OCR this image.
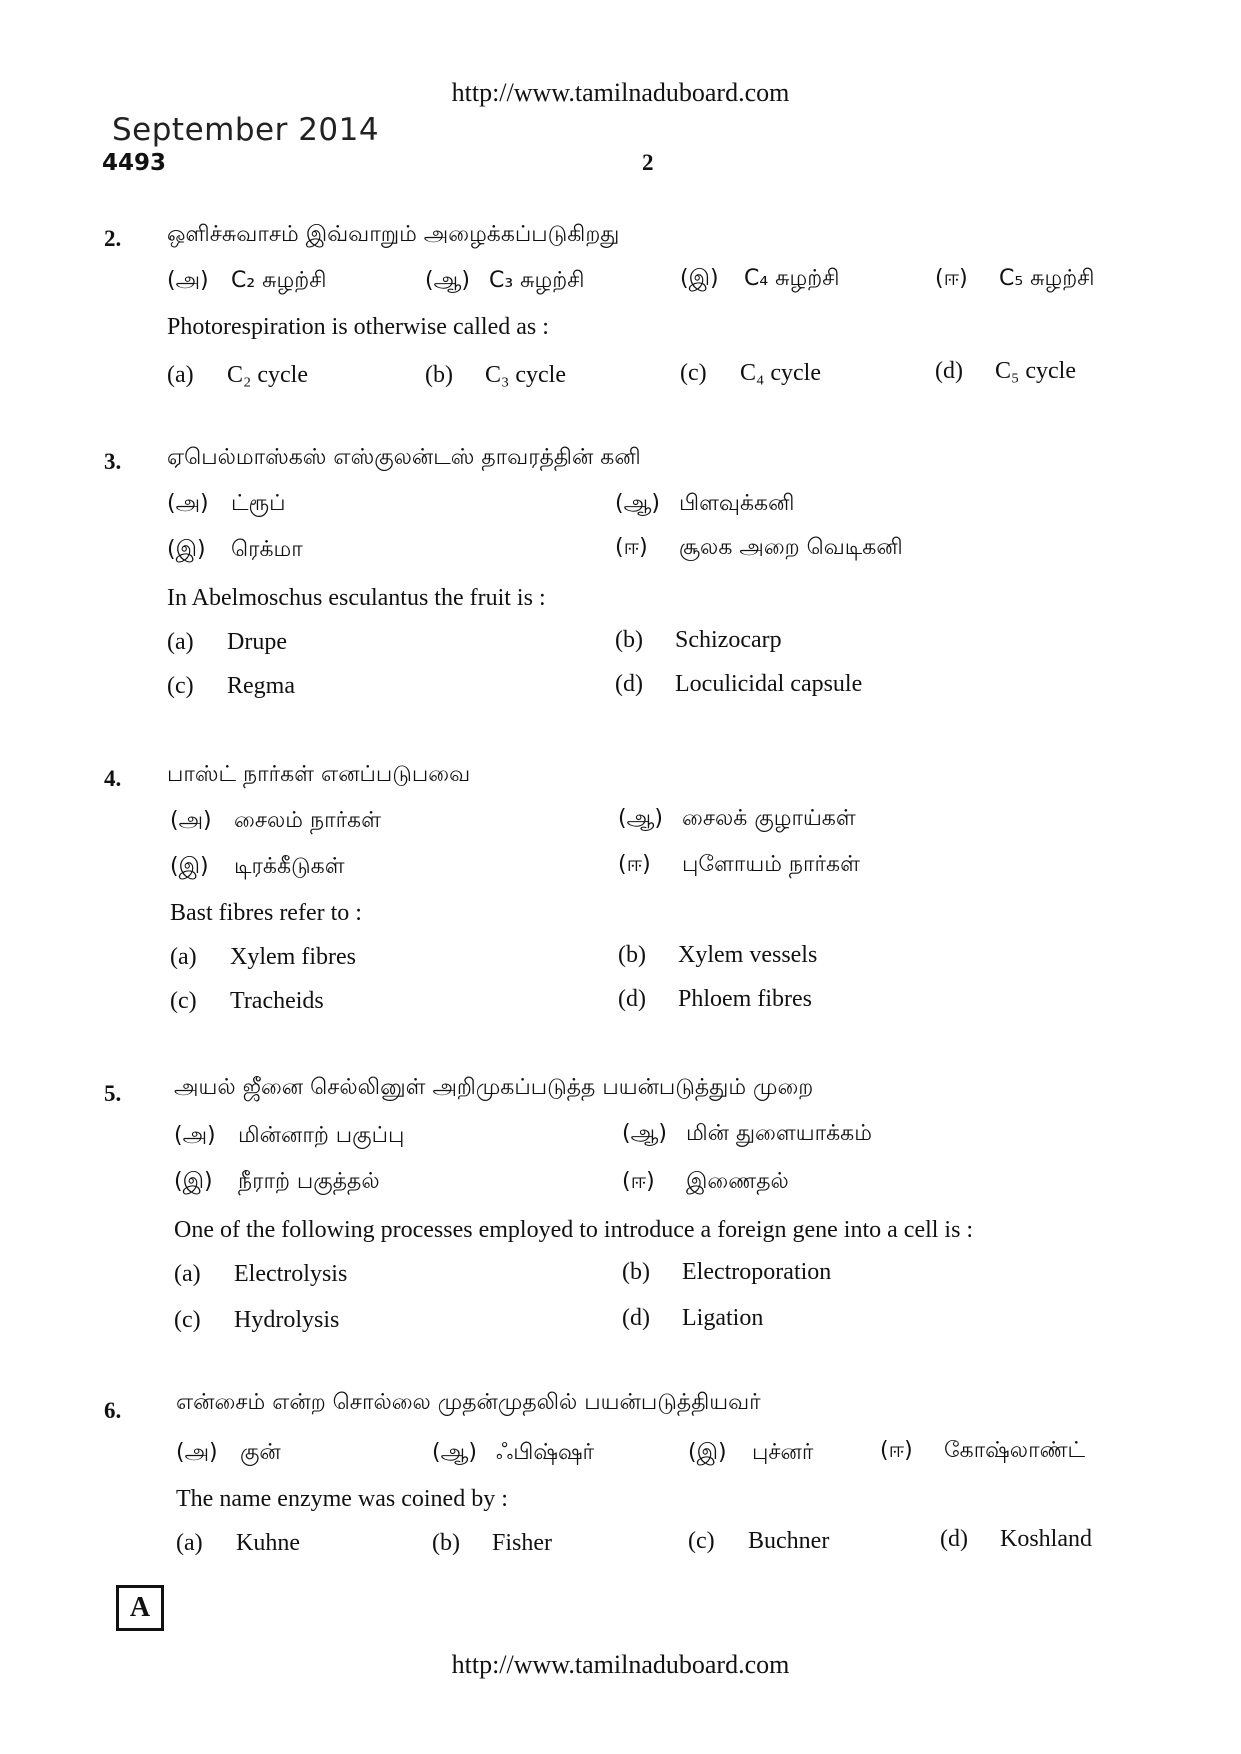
http://www.tamilnaduboard.com
September 2014
4493	2
2. ஒளிச்சுவாசம் இவ்வாறும் அழைக்கப்படுகிறது
(அ) C₂ சுழற்சி	(ஆ) C₃ சுழற்சி	(இ) C₄ சுழற்சி	(ஈ) C₅ சுழற்சி
Photorespiration is otherwise called as :
(a) C₂ cycle	(b) C₃ cycle	(c) C₄ cycle	(d) C₅ cycle
3. ஏபெல்மாஸ்கஸ் எஸ்குலன்டஸ் தாவரத்தின் கனி
(அ) ட்ரூப்	(ஆ) பிளவுக்கனி
(இ) ரெக்மா	(ஈ) சூலக அறை வெடிகனி
In Abelmoschus esculantus the fruit is :
(a) Drupe	(b) Schizocarp
(c) Regma	(d) Loculicidal capsule
4. பாஸ்ட் நார்கள் எனப்படுபவை
(அ) சைலம் நார்கள்	(ஆ) சைலக் குழாய்கள்
(இ) டிரக்கீடுகள்	(ஈ) புளோயம் நார்கள்
Bast fibres refer to :
(a) Xylem fibres	(b) Xylem vessels
(c) Tracheids	(d) Phloem fibres
5. அயல் ஜீனை செல்லினுள் அறிமுகப்படுத்த பயன்படுத்தும் முறை
(அ) மின்னாற் பகுப்பு	(ஆ) மின் துளையாக்கம்
(இ) நீராற் பகுத்தல்	(ஈ) இணைதல்
One of the following processes employed to introduce a foreign gene into a cell is :
(a) Electrolysis	(b) Electroporation
(c) Hydrolysis	(d) Ligation
6. என்சைம் என்ற சொல்லை முதன்முதலில் பயன்படுத்தியவர்
(அ) குன்	(ஆ) ஃபிஷ்ஷர்	(இ) புச்னர்	(ஈ) கோஷ்லாண்ட்
The name enzyme was coined by :
(a) Kuhne	(b) Fisher	(c) Buchner	(d) Koshland
A
http://www.tamilnaduboard.com
